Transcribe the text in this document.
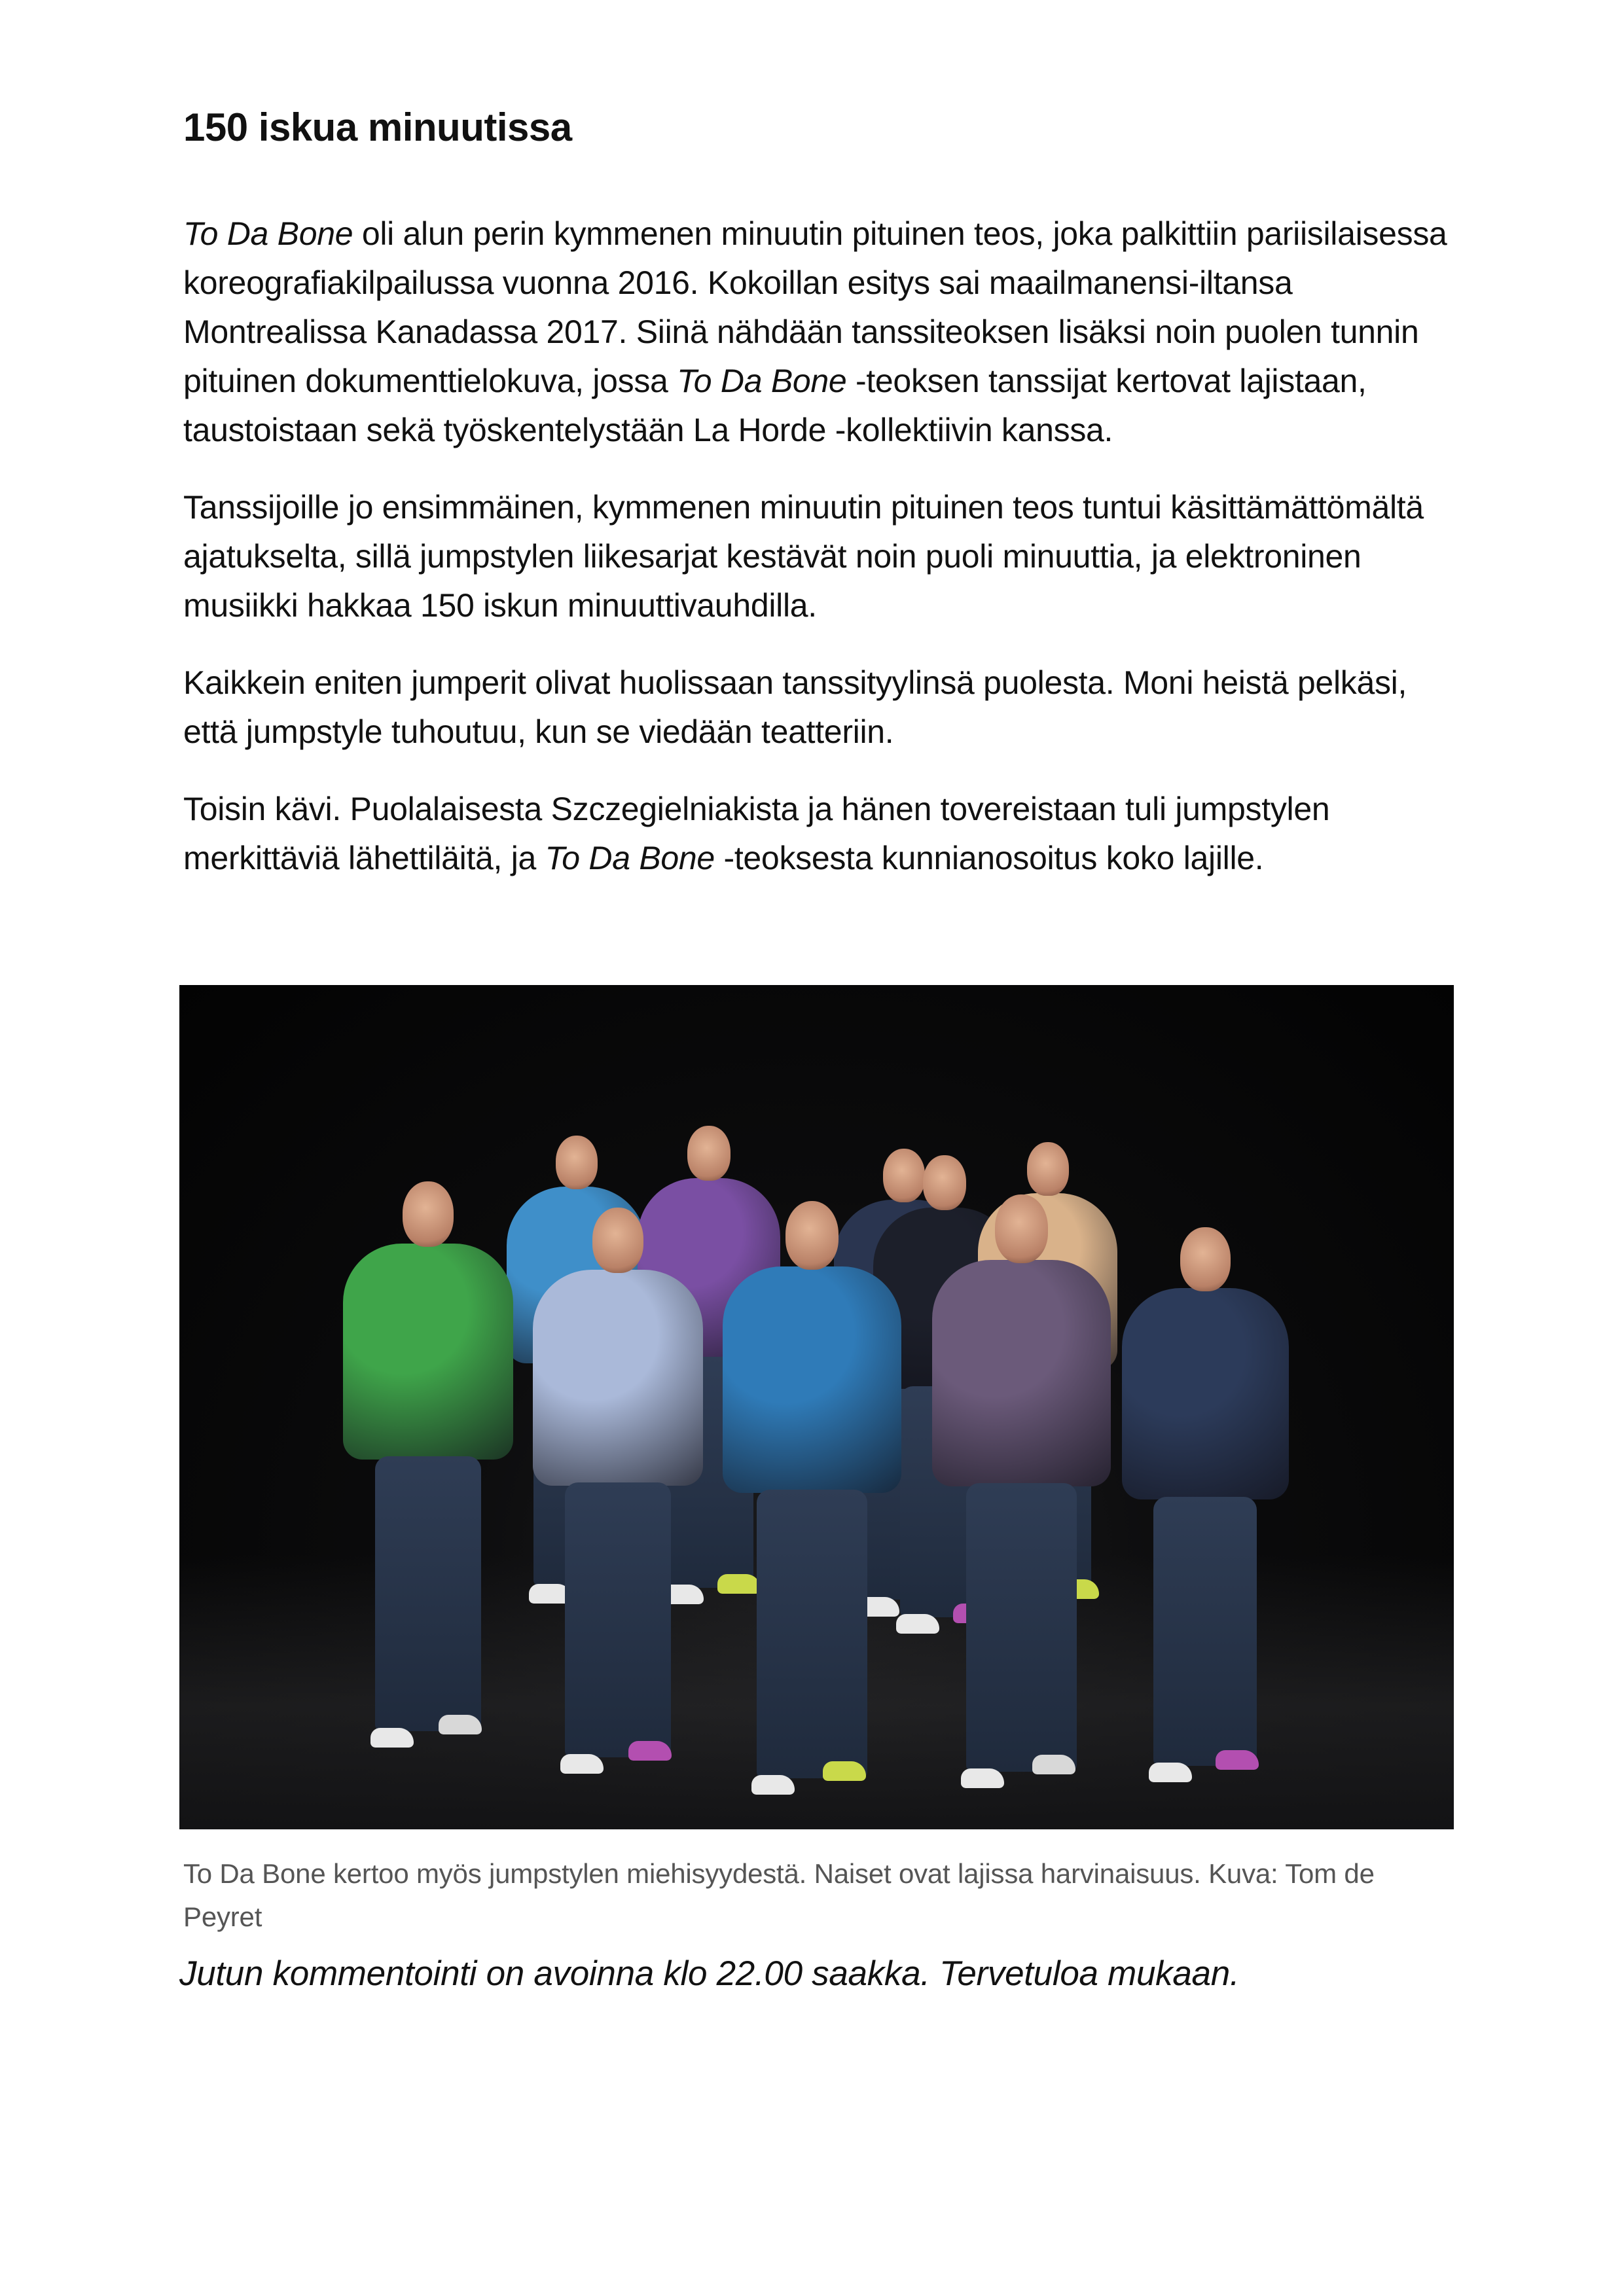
150 iskua minuutissa

To Da Bone oli alun perin kymmenen minuutin pituinen teos, joka palkittiin pariisilaisessa koreografiakilpailussa vuonna 2016. Kokoillan esitys sai maailmanensi-iltansa Montrealissa Kanadassa 2017. Siinä nähdään tanssiteoksen lisäksi noin puolen tunnin pituinen dokumenttielokuva, jossa To Da Bone -teoksen tanssijat kertovat lajistaan, taustoistaan sekä työskentelystään La Horde -kollektiivin kanssa.

Tanssijoille jo ensimmäinen, kymmenen minuutin pituinen teos tuntui käsittämättömältä ajatukselta, sillä jumpstylen liikesarjat kestävät noin puoli minuuttia, ja elektroninen musiikki hakkaa 150 iskun minuuttivauhdilla.

Kaikkein eniten jumperit olivat huolissaan tanssityylinsä puolesta. Moni heistä pelkäsi, että jumpstyle tuhoutuu, kun se viedään teatteriin.

Toisin kävi. Puolalaisesta Szczegielniakista ja hänen tovereistaan tuli jumpstylen merkittäviä lähettiläitä, ja To Da Bone -teoksesta kunnianosoitus koko lajille.

To Da Bone kertoo myös jumpstylen miehisyydestä. Naiset ovat lajissa harvinaisuus. Kuva: Tom de Peyret

Jutun kommentointi on avoinna klo 22.00 saakka. Tervetuloa mukaan.
